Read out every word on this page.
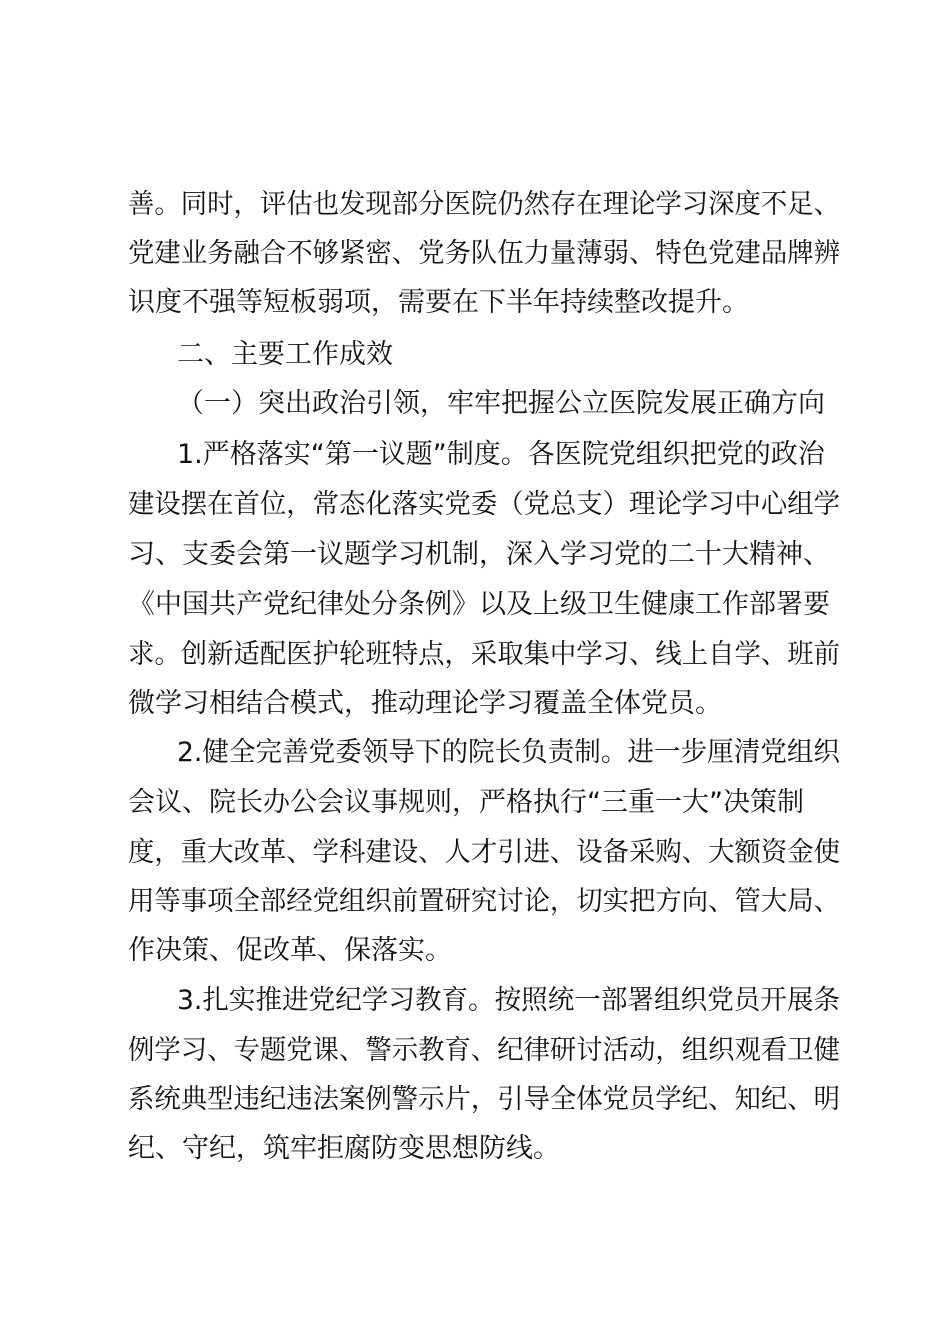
善。同时，评估也发现部分医院仍然存在理论学习深度不足、
党建业务融合不够紧密、党务队伍力量薄弱、特色党建品牌辨
识度不强等短板弱项，需要在下半年持续整改提升。
二、主要工作成效
（一）突出政治引领，牢牢把握公立医院发展正确方向
1.严格落实“第一议题”制度。各医院党组织把党的政治
建设摆在首位，常态化落实党委（党总支）理论学习中心组学
习、支委会第一议题学习机制，深入学习党的二十大精神、
《中国共产党纪律处分条例》以及上级卫生健康工作部署要
求。创新适配医护轮班特点，采取集中学习、线上自学、班前
微学习相结合模式，推动理论学习覆盖全体党员。
2.健全完善党委领导下的院长负责制。进一步厘清党组织
会议、院长办公会议事规则，严格执行“三重一大”决策制
度，重大改革、学科建设、人才引进、设备采购、大额资金使
用等事项全部经党组织前置研究讨论，切实把方向、管大局、
作决策、促改革、保落实。
3.扎实推进党纪学习教育。按照统一部署组织党员开展条
例学习、专题党课、警示教育、纪律研讨活动，组织观看卫健
系统典型违纪违法案例警示片，引导全体党员学纪、知纪、明
纪、守纪，筑牢拒腐防变思想防线。
